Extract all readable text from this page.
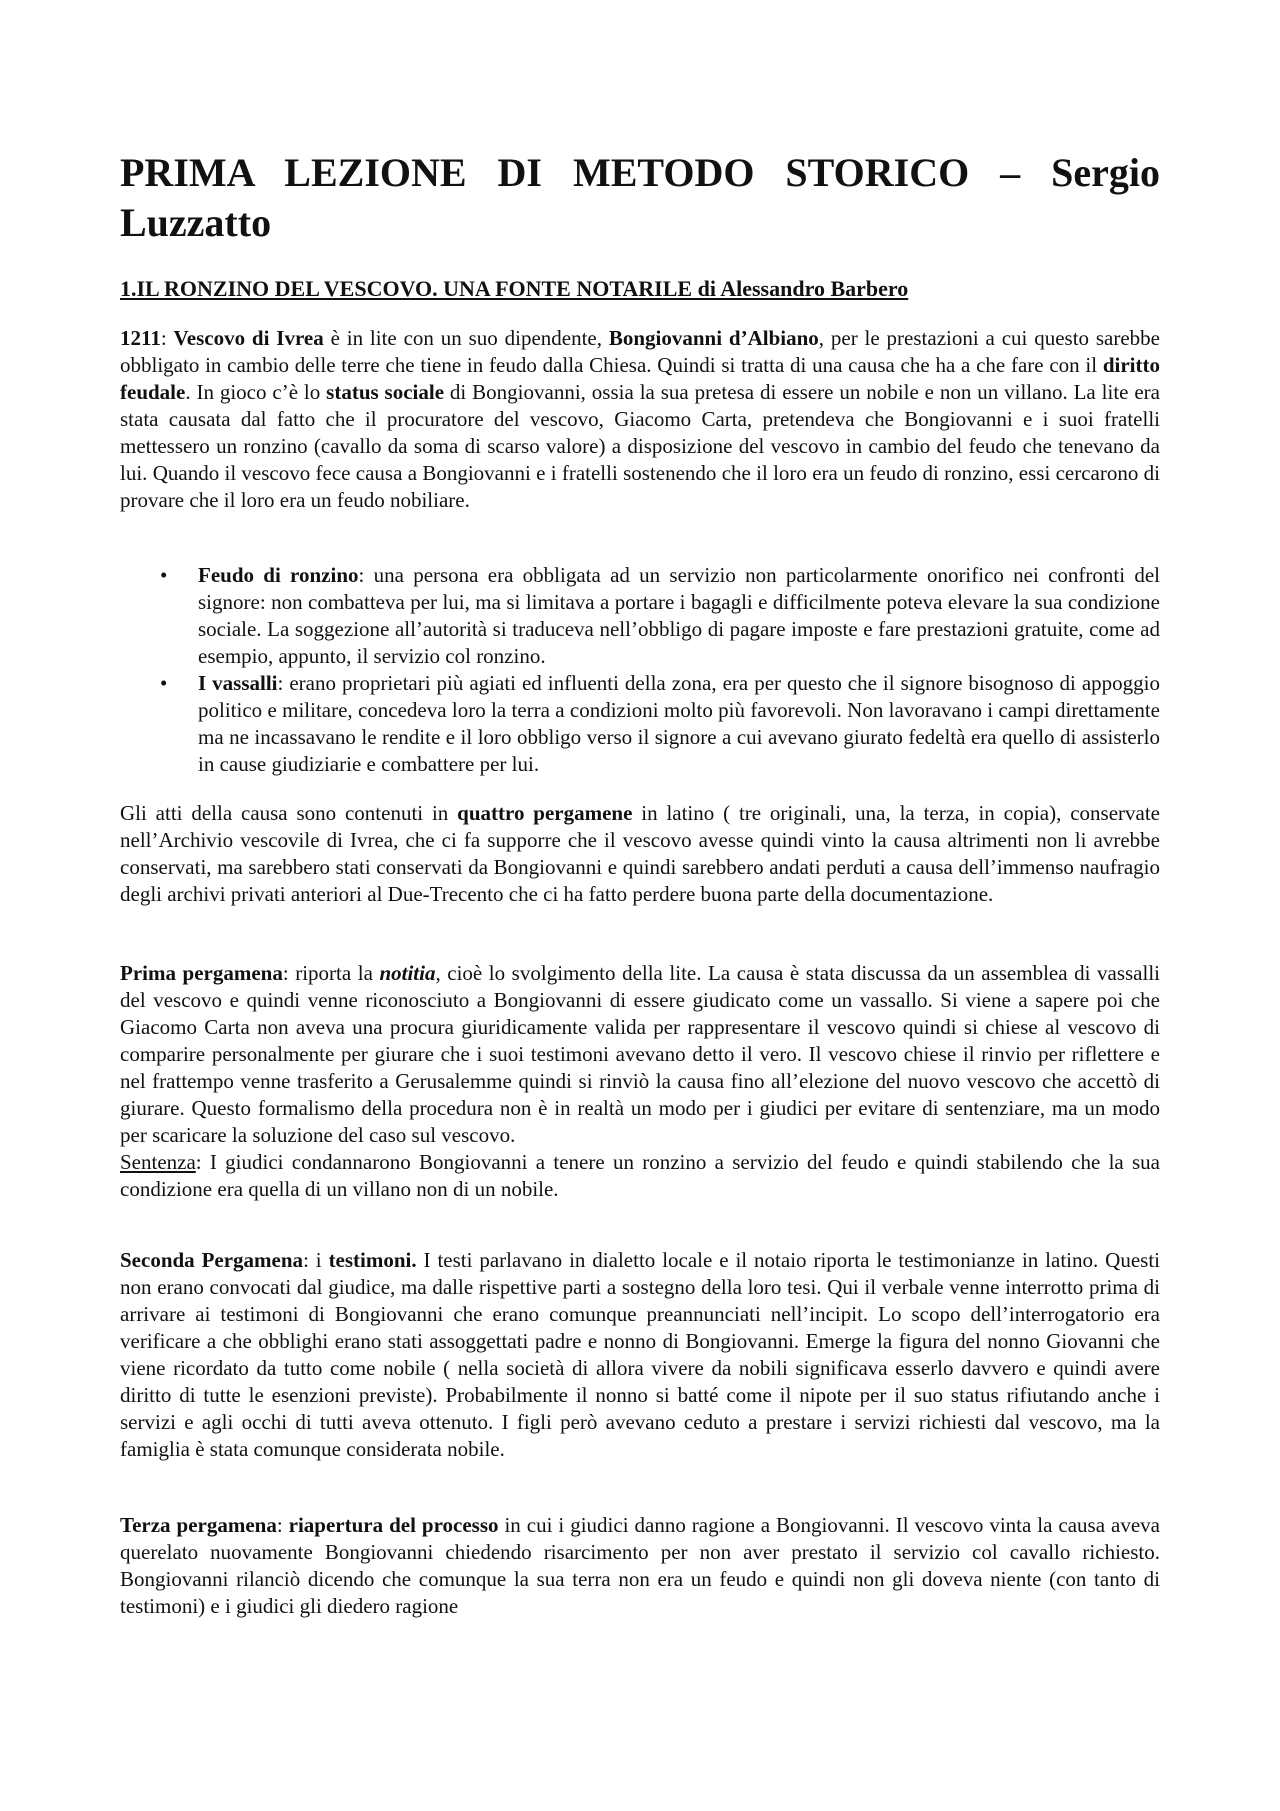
PRIMA LEZIONE DI METODO STORICO – Sergio Luzzatto
1.IL RONZINO DEL VESCOVO. UNA FONTE NOTARILE di Alessandro Barbero

1211: Vescovo di Ivrea è in lite con un suo dipendente, Bongiovanni d’Albiano, per le prestazioni a cui questo sarebbe obbligato in cambio delle terre che tiene in feudo dalla Chiesa. Quindi si tratta di una causa che ha a che fare con il diritto feudale. In gioco c’è lo status sociale di Bongiovanni, ossia la sua pretesa di essere un nobile e non un villano. La lite era stata causata dal fatto che il procuratore del vescovo, Giacomo Carta, pretendeva che Bongiovanni e i suoi fratelli mettessero un ronzino (cavallo da soma di scarso valore) a disposizione del vescovo in cambio del feudo che tenevano da lui. Quando il vescovo fece causa a Bongiovanni e i fratelli sostenendo che il loro era un feudo di ronzino, essi cercarono di provare che il loro era un feudo nobiliare.

• Feudo di ronzino: una persona era obbligata ad un servizio non particolarmente onorifico nei confronti del signore: non combatteva per lui, ma si limitava a portare i bagagli e difficilmente poteva elevare la sua condizione sociale. La soggezione all’autorità si traduceva nell’obbligo di pagare imposte e fare prestazioni gratuite, come ad esempio, appunto, il servizio col ronzino.
• I vassalli: erano proprietari più agiati ed influenti della zona, era per questo che il signore bisognoso di appoggio politico e militare, concedeva loro la terra a condizioni molto più favorevoli. Non lavoravano i campi direttamente ma ne incassavano le rendite e il loro obbligo verso il signore a cui avevano giurato fedeltà era quello di assisterlo in cause giudiziarie e combattere per lui.

Gli atti della causa sono contenuti in quattro pergamene in latino ( tre originali, una, la terza, in copia), conservate nell’Archivio vescovile di Ivrea, che ci fa supporre che il vescovo avesse quindi vinto la causa altrimenti non li avrebbe conservati, ma sarebbero stati conservati da Bongiovanni e quindi sarebbero andati perduti a causa dell’immenso naufragio degli archivi privati anteriori al Due-Trecento che ci ha fatto perdere buona parte della documentazione.

Prima pergamena: riporta la notitia, cioè lo svolgimento della lite. La causa è stata discussa da un assemblea di vassalli del vescovo e quindi venne riconosciuto a Bongiovanni di essere giudicato come un vassallo. Si viene a sapere poi che Giacomo Carta non aveva una procura giuridicamente valida per rappresentare il vescovo quindi si chiese al vescovo di comparire personalmente per giurare che i suoi testimoni avevano detto il vero. Il vescovo chiese il rinvio per riflettere e nel frattempo venne trasferito a Gerusalemme quindi si rinviò la causa fino all’elezione del nuovo vescovo che accettò di giurare. Questo formalismo della procedura non è in realtà un modo per i giudici per evitare di sentenziare, ma un modo per scaricare la soluzione del caso sul vescovo.

Sentenza: I giudici condannarono Bongiovanni a tenere un ronzino a servizio del feudo e quindi stabilendo che la sua condizione era quella di un villano non di un nobile.

Seconda Pergamena: i testimoni. I testi parlavano in dialetto locale e il notaio riporta le testimonianze in latino. Questi non erano convocati dal giudice, ma dalle rispettive parti a sostegno della loro tesi. Qui il verbale venne interrotto prima di arrivare ai testimoni di Bongiovanni che erano comunque preannunciati nell’incipit. Lo scopo dell’interrogatorio era verificare a che obblighi erano stati assoggettati padre e nonno di Bongiovanni. Emerge la figura del nonno Giovanni che viene ricordato da tutto come nobile ( nella società di allora vivere da nobili significava esserlo davvero e quindi avere diritto di tutte le esenzioni previste). Probabilmente il nonno si batté come il nipote per il suo status rifiutando anche i servizi e agli occhi di tutti aveva ottenuto. I figli però avevano ceduto a prestare i servizi richiesti dal vescovo, ma la famiglia è stata comunque considerata nobile.

Terza pergamena: riapertura del processo in cui i giudici danno ragione a Bongiovanni. Il vescovo vinta la causa aveva querelato nuovamente Bongiovanni chiedendo risarcimento per non aver prestato il servizio col cavallo richiesto. Bongiovanni rilanciò dicendo che comunque la sua terra non era un feudo e quindi non gli doveva niente (con tanto di testimoni) e i giudici gli diedero ragione
